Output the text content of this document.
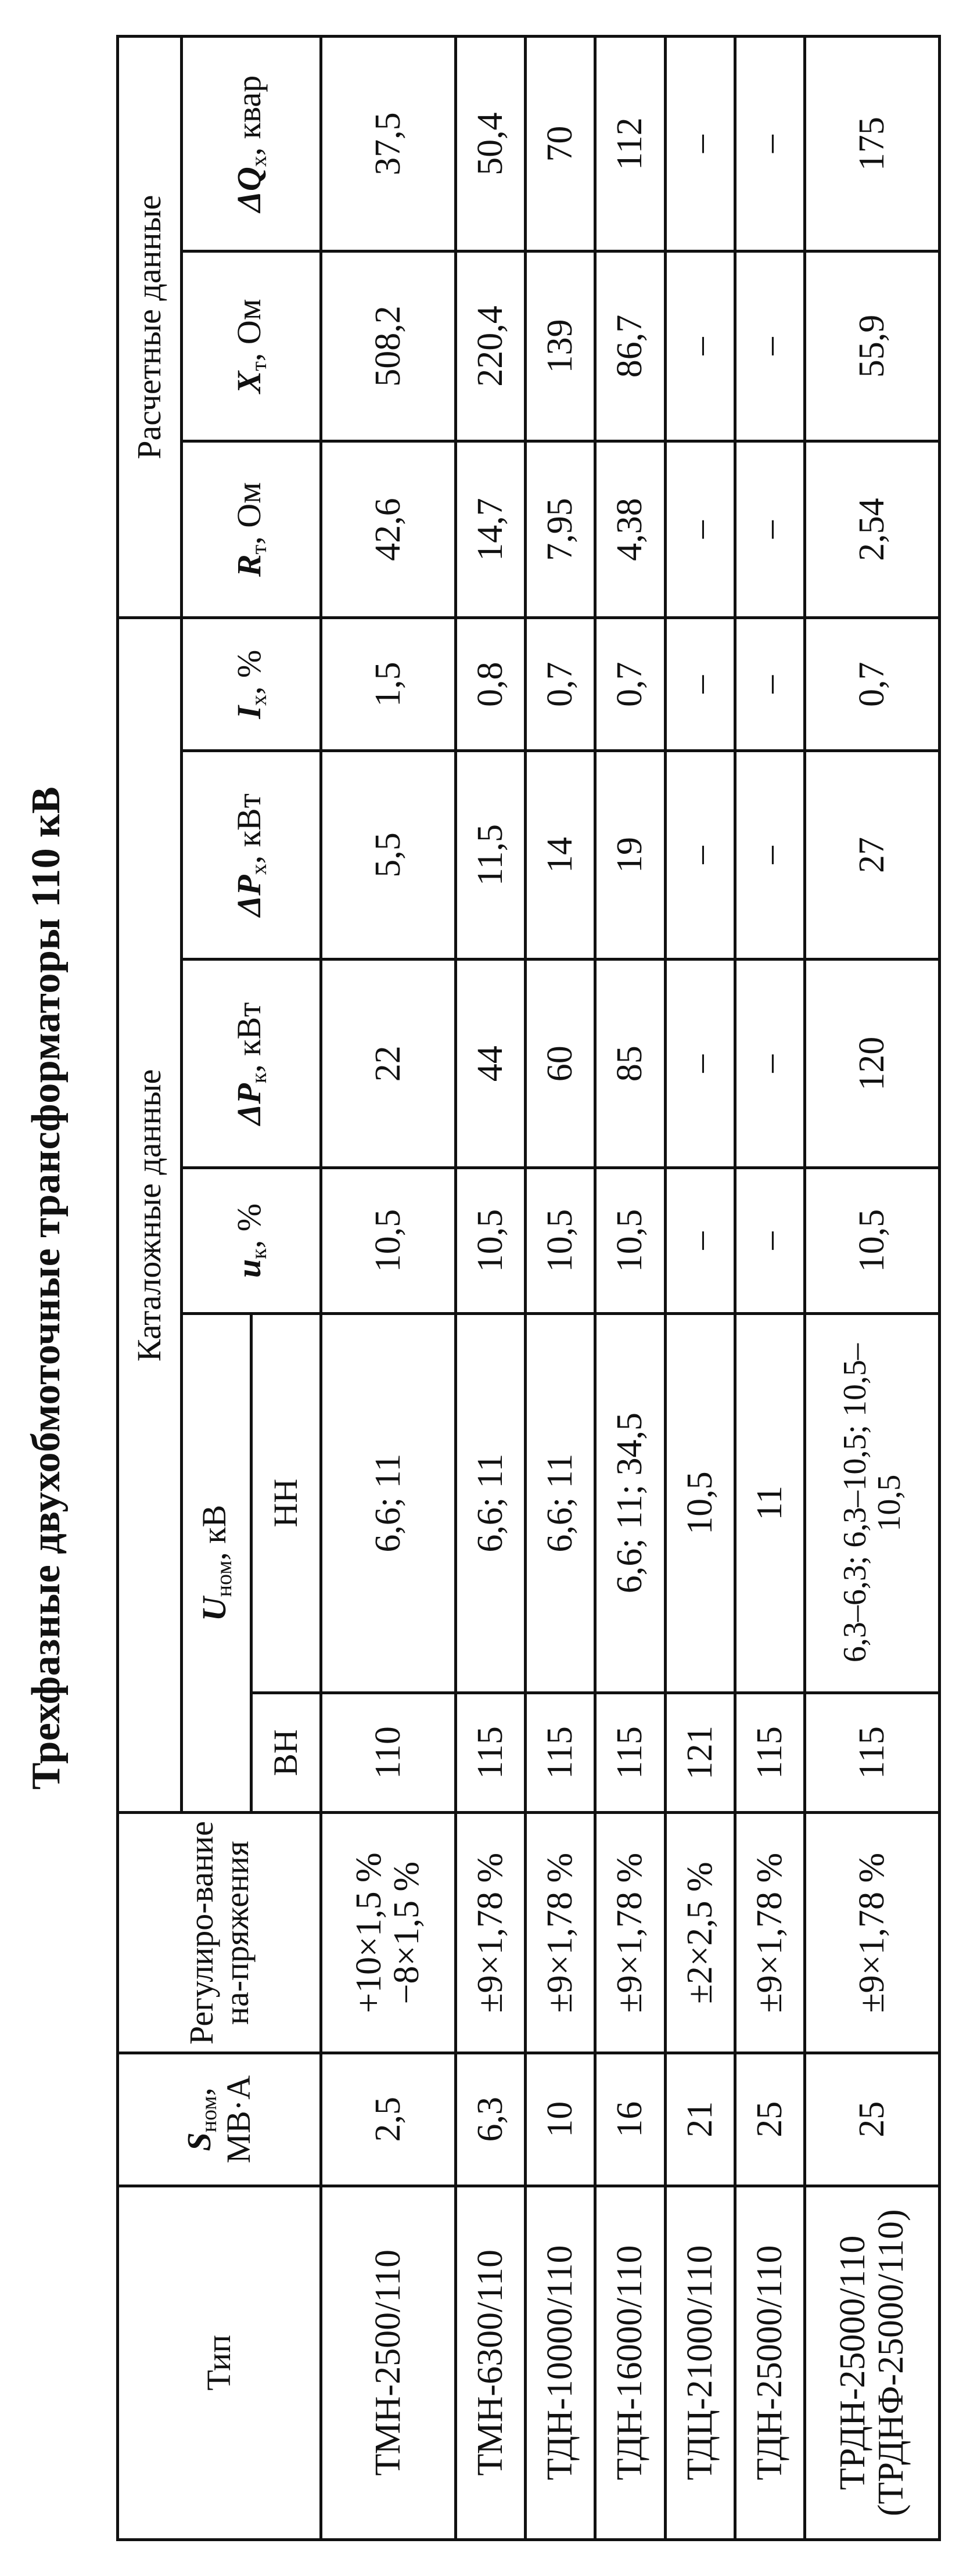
Трехфазные двухобмоточные трансформаторы 110 кВ
Тип	$S_{ном}$, МВ·А	Регулиро-вание на-пряжения	Каталожные данные						Расчетные данные		
			$U_{ном}$, кВ		$u_к$, %	$\Delta P_к$, кВт	$\Delta P_x$, кВт	$I_x$, %	$R_т$, Ом	$X_т$, Ом	$\Delta Q_x$, квар
			ВН	НН							
ТМН-2500/110	2,5	+10×1,5 % −8×1,5 %	110	6,6; 11	10,5	22	5,5	1,5	42,6	508,2	37,5
ТМН-6300/110	6,3	±9×1,78 %	115	6,6; 11	10,5	44	11,5	0,8	14,7	220,4	50,4
ТДН-10000/110	10	±9×1,78 %	115	6,6; 11	10,5	60	14	0,7	7,95	139	70
ТДН-16000/110	16	±9×1,78 %	115	6,6; 11; 34,5	10,5	85	19	0,7	4,38	86,7	112
ТДЦ-21000/110	21	±2×2,5 %	121	10,5	–	–	–	–	–	–	–
ТДН-25000/110	25	±9×1,78 %	115	11	–	–	–	–	–	–	–
ТРДН-25000/110 (ТРДНФ-25000/110)	25	±9×1,78 %	115	6,3–6,3; 6,3–10,5; 10,5–10,5	10,5	120	27	0,7	2,54	55,9	175
